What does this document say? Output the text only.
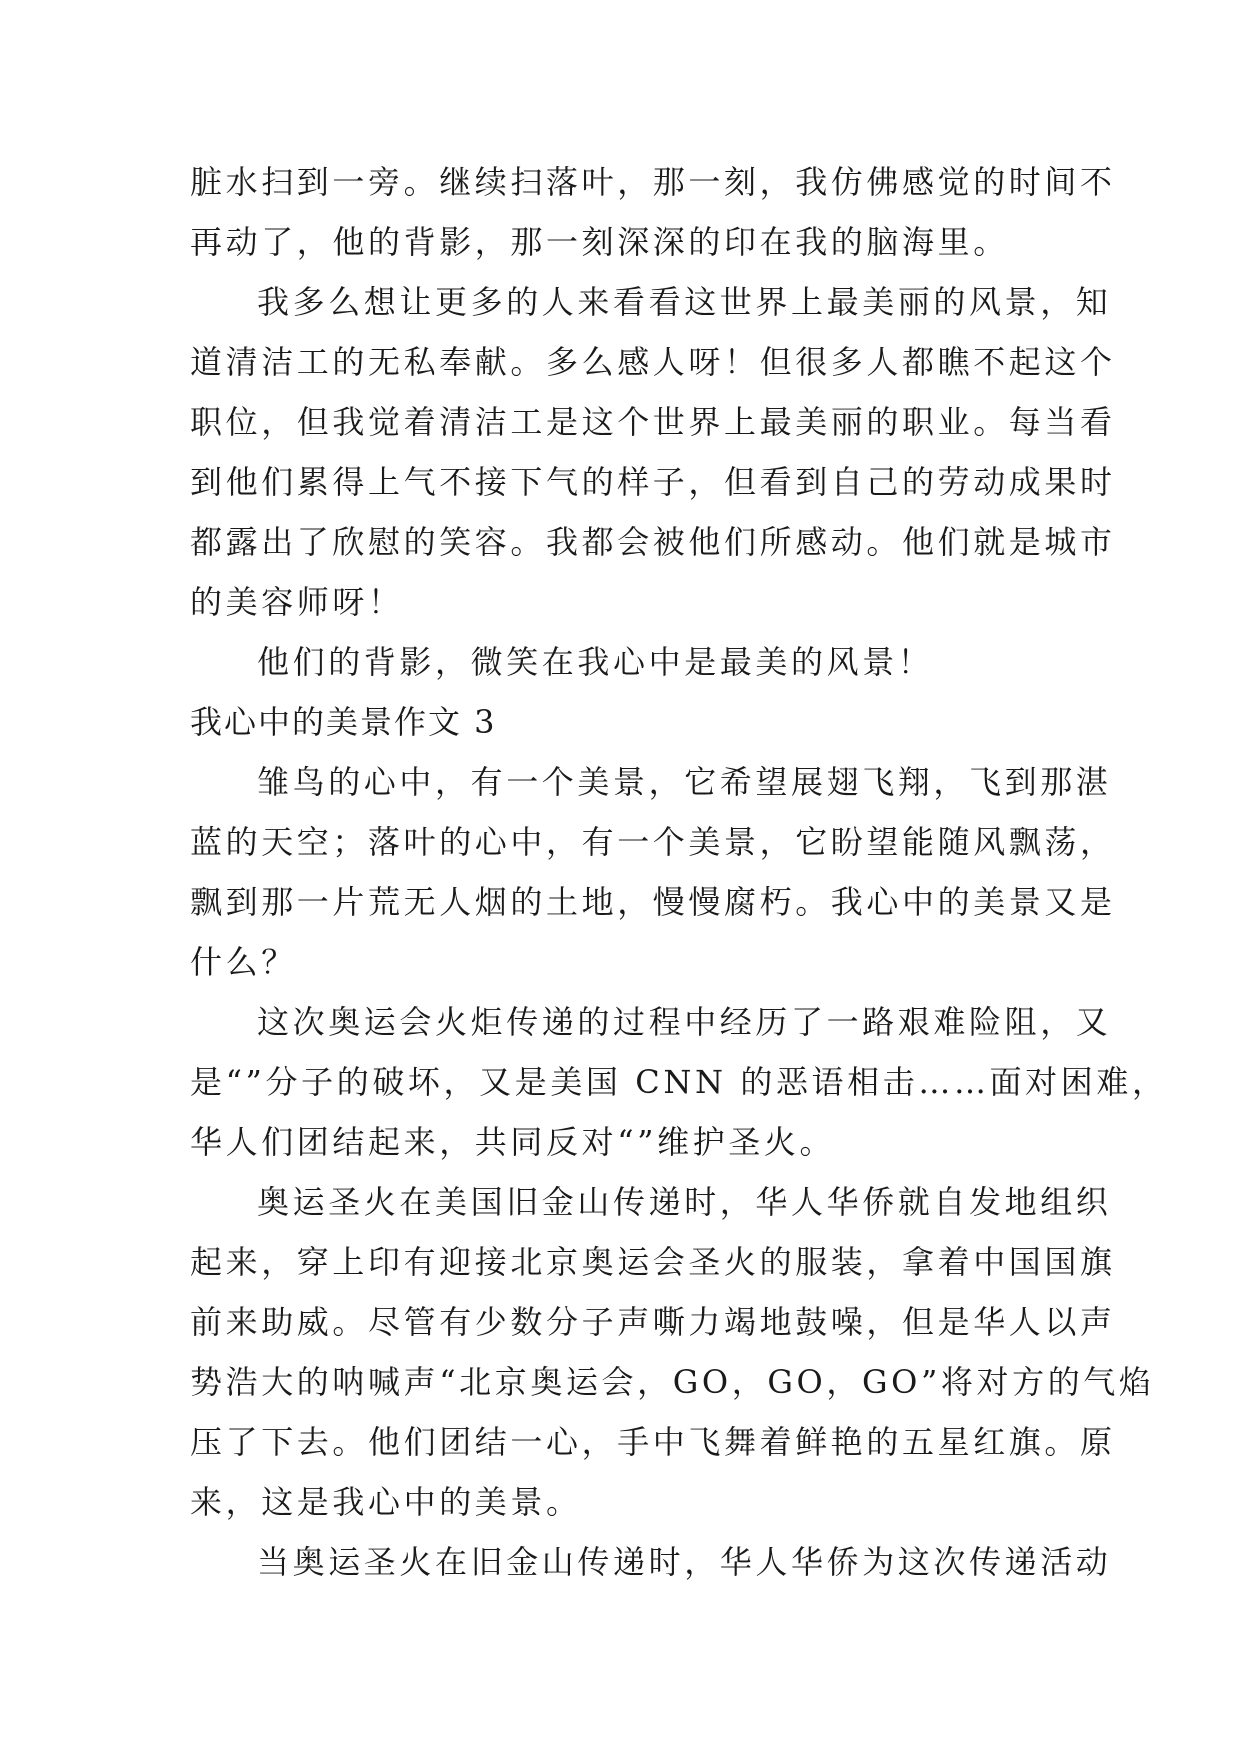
脏水扫到一旁。继续扫落叶，那一刻，我仿佛感觉的时间不
再动了，他的背影，那一刻深深的印在我的脑海里。
我多么想让更多的人来看看这世界上最美丽的风景，知
道清洁工的无私奉献。多么感人呀！但很多人都瞧不起这个
职位，但我觉着清洁工是这个世界上最美丽的职业。每当看
到他们累得上气不接下气的样子，但看到自己的劳动成果时
都露出了欣慰的笑容。我都会被他们所感动。他们就是城市
的美容师呀！
他们的背影，微笑在我心中是最美的风景！
我心中的美景作文 3
雏鸟的心中，有一个美景，它希望展翅飞翔，飞到那湛
蓝的天空；落叶的心中，有一个美景，它盼望能随风飘荡，
飘到那一片荒无人烟的土地，慢慢腐朽。我心中的美景又是
什么？
这次奥运会火炬传递的过程中经历了一路艰难险阻，又
是“”分子的破坏，又是美国 CNN 的恶语相击……面对困难，
华人们团结起来，共同反对“”维护圣火。
奥运圣火在美国旧金山传递时，华人华侨就自发地组织
起来，穿上印有迎接北京奥运会圣火的服装，拿着中国国旗
前来助威。尽管有少数分子声嘶力竭地鼓噪，但是华人以声
势浩大的呐喊声“北京奥运会，GO，GO，GO”将对方的气焰
压了下去。他们团结一心，手中飞舞着鲜艳的五星红旗。原
来，这是我心中的美景。
当奥运圣火在旧金山传递时，华人华侨为这次传递活动
